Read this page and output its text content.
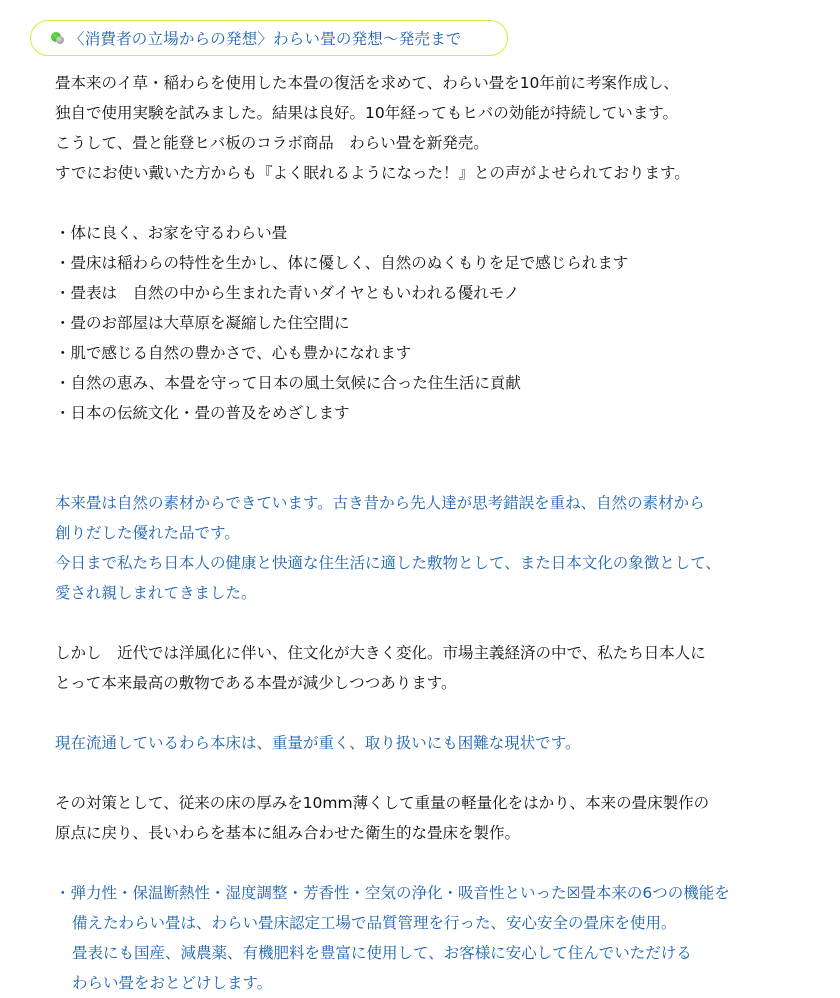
〈消費者の立場からの発想〉わらい畳の発想〜発売まで
畳本来のイ草・稲わらを使用した本畳の復活を求めて、わらい畳を10年前に考案作成し、
独自で使用実験を試みました。結果は良好。10年経ってもヒバの効能が持続しています。
こうして、畳と能登ヒバ板のコラボ商品　わらい畳を新発売。
すでにお使い戴いた方からも『よく眠れるようになった！』との声がよせられております。
・体に良く、お家を守るわらい畳
・畳床は稲わらの特性を生かし、体に優しく、自然のぬくもりを足で感じられます
・畳表は　自然の中から生まれた青いダイヤともいわれる優れモノ
・畳のお部屋は大草原を凝縮した住空間に
・肌で感じる自然の豊かさで、心も豊かになれます
・自然の恵み、本畳を守って日本の風土気候に合った住生活に貢献
・日本の伝統文化・畳の普及をめざします
本来畳は自然の素材からできています。古き昔から先人達が思考錯誤を重ね、自然の素材から
創りだした優れた品です。
今日まで私たち日本人の健康と快適な住生活に適した敷物として、また日本文化の象徴として、
愛され親しまれてきました。
しかし　近代では洋風化に伴い、住文化が大きく変化。市場主義経済の中で、私たち日本人に
とって本来最高の敷物である本畳が減少しつつあります。
現在流通しているわら本床は、重量が重く、取り扱いにも困難な現状です。
その対策として、従来の床の厚みを10mm薄くして重量の軽量化をはかり、本来の畳床製作の
原点に戻り、長いわらを基本に組み合わせた衛生的な畳床を製作。
・弾力性・保温断熱性・湿度調整・芳香性・空気の浄化・吸音性といった☒畳本来の6つの機能を
備えたわらい畳は、わらい畳床認定工場で品質管理を行った、安心安全の畳床を使用。
畳表にも国産、減農薬、有機肥料を豊富に使用して、お客様に安心して住んでいただける
わらい畳をおとどけします。
